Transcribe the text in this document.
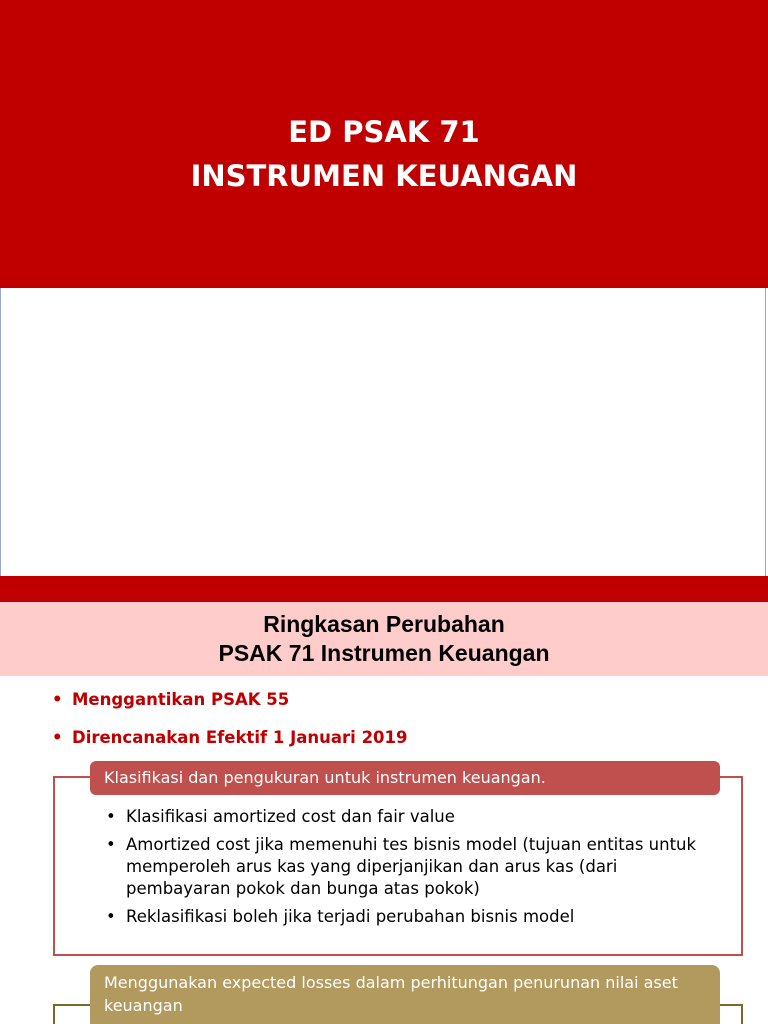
ED PSAK 71
INSTRUMEN KEUANGAN
Ringkasan Perubahan
PSAK 71 Instrumen Keuangan
• Menggantikan PSAK 55
• Direncanakan Efektif 1 Januari 2019
Klasifikasi dan pengukuran untuk instrumen keuangan.
• Klasifikasi amortized cost dan fair value
• Amortized cost jika memenuhi tes bisnis model (tujuan entitas untuk memperoleh arus kas yang diperjanjikan dan arus kas (dari pembayaran pokok dan bunga atas pokok)
• Reklasifikasi boleh jika terjadi perubahan bisnis model
Menggunakan expected losses dalam perhitungan penurunan nilai aset keuangan
